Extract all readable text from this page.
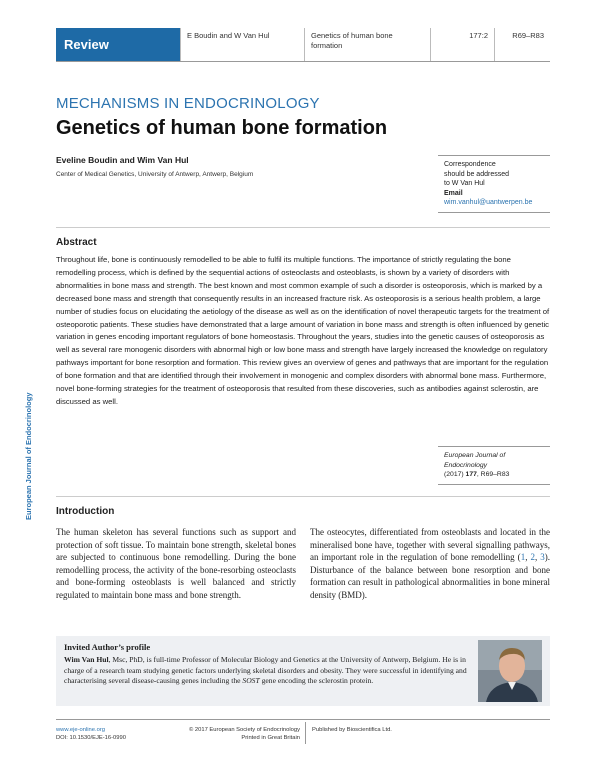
Review
E Boudin and W Van Hul	Genetics of human bone formation
177:2	R69–R83
MECHANISMS IN ENDOCRINOLOGY
Genetics of human bone formation
Eveline Boudin and Wim Van Hul
Center of Medical Genetics, University of Antwerp, Antwerp, Belgium
Correspondence
should be addressed
to W Van Hul
Email
wim.vanhul@uantwerpen.be
Abstract
Throughout life, bone is continuously remodelled to be able to fulfil its multiple functions. The importance of strictly regulating the bone remodelling process, which is defined by the sequential actions of osteoclasts and osteoblasts, is shown by a variety of disorders with abnormalities in bone mass and strength. The best known and most common example of such a disorder is osteoporosis, which is marked by a decreased bone mass and strength that consequently results in an increased fracture risk. As osteoporosis is a serious health problem, a large number of studies focus on elucidating the aetiology of the disease as well as on the identification of novel therapeutic targets for the treatment of osteoporotic patients. These studies have demonstrated that a large amount of variation in bone mass and strength is often influenced by genetic variation in genes encoding important regulators of bone homeostasis. Throughout the years, studies into the genetic causes of osteoporosis as well as several rare monogenic disorders with abnormal high or low bone mass and strength have largely increased the knowledge on regulatory pathways important for bone resorption and formation. This review gives an overview of genes and pathways that are important for the regulation of bone formation and that are identified through their involvement in monogenic and complex disorders with abnormal bone mass. Furthermore, novel bone-forming strategies for the treatment of osteoporosis that resulted from these discoveries, such as antibodies against sclerostin, are discussed as well.
European Journal of Endocrinology	European Journal of
Endocrinology
(2017) 177, R69–R83
Introduction
The human skeleton has several functions such as support and protection of soft tissue. To maintain bone strength, skeletal bones are subjected to continuous bone remodelling. During the bone remodelling process, the activity of the bone-resorbing osteoclasts and bone-forming osteoblasts is well balanced and strictly regulated to maintain bone mass and bone strength.
The osteocytes, differentiated from osteoblasts and located in the mineralised bone have, together with several signalling pathways, an important role in the regulation of bone remodelling (1, 2, 3). Disturbance of the balance between bone resorption and bone formation can result in pathological abnormalities in bone mineral density (BMD).
Invited Author’s profile
Wim Van Hul, Msc, PhD, is full-time Professor of Molecular Biology and Genetics at the University of Antwerp, Belgium. He is in charge of a research team studying genetic factors underlying skeletal disorders and obesity. They were successful in identifying and characterising several disease-causing genes including the SOST gene encoding the sclerostin protein.
www.eje-online.org
DOI: 10.1530/EJE-16-0990
© 2017 European Society of Endocrinology
Printed in Great Britain
Published by Bioscientifica Ltd.
